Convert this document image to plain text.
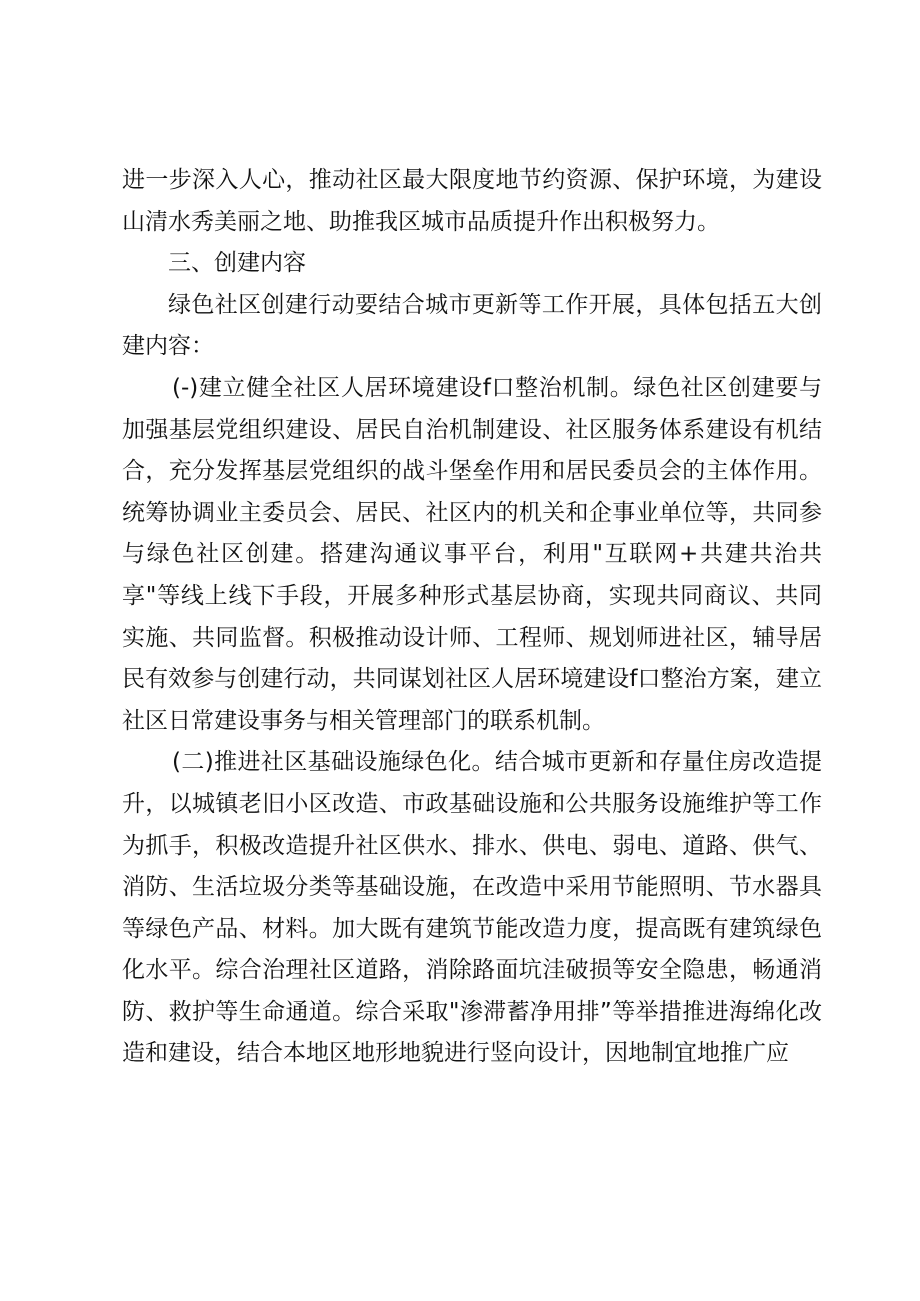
进一步深入人心，推动社区最大限度地节约资源、保护环境，为建设山清水秀美丽之地、助推我区城市品质提升作出积极努力。

三、创建内容

绿色社区创建行动要结合城市更新等工作开展，具体包括五大创建内容：

(-)建立健全社区人居环境建设f口整治机制。绿色社区创建要与加强基层党组织建设、居民自治机制建设、社区服务体系建设有机结合，充分发挥基层党组织的战斗堡垒作用和居民委员会的主体作用。统筹协调业主委员会、居民、社区内的机关和企事业单位等，共同参与绿色社区创建。搭建沟通议事平台，利用"互联网+共建共治共享"等线上线下手段，开展多种形式基层协商，实现共同商议、共同实施、共同监督。积极推动设计师、工程师、规划师进社区，辅导居民有效参与创建行动，共同谋划社区人居环境建设f口整治方案，建立社区日常建设事务与相关管理部门的联系机制。

(二)推进社区基础设施绿色化。结合城市更新和存量住房改造提升，以城镇老旧小区改造、市政基础设施和公共服务设施维护等工作为抓手，积极改造提升社区供水、排水、供电、弱电、道路、供气、消防、生活垃圾分类等基础设施，在改造中采用节能照明、节水器具等绿色产品、材料。加大既有建筑节能改造力度，提高既有建筑绿色化水平。综合治理社区道路，消除路面坑洼破损等安全隐患，畅通消防、救护等生命通道。综合采取"渗滞蓄净用排”等举措推进海绵化改造和建设，结合本地区地形地貌进行竖向设计，因地制宜地推广应
